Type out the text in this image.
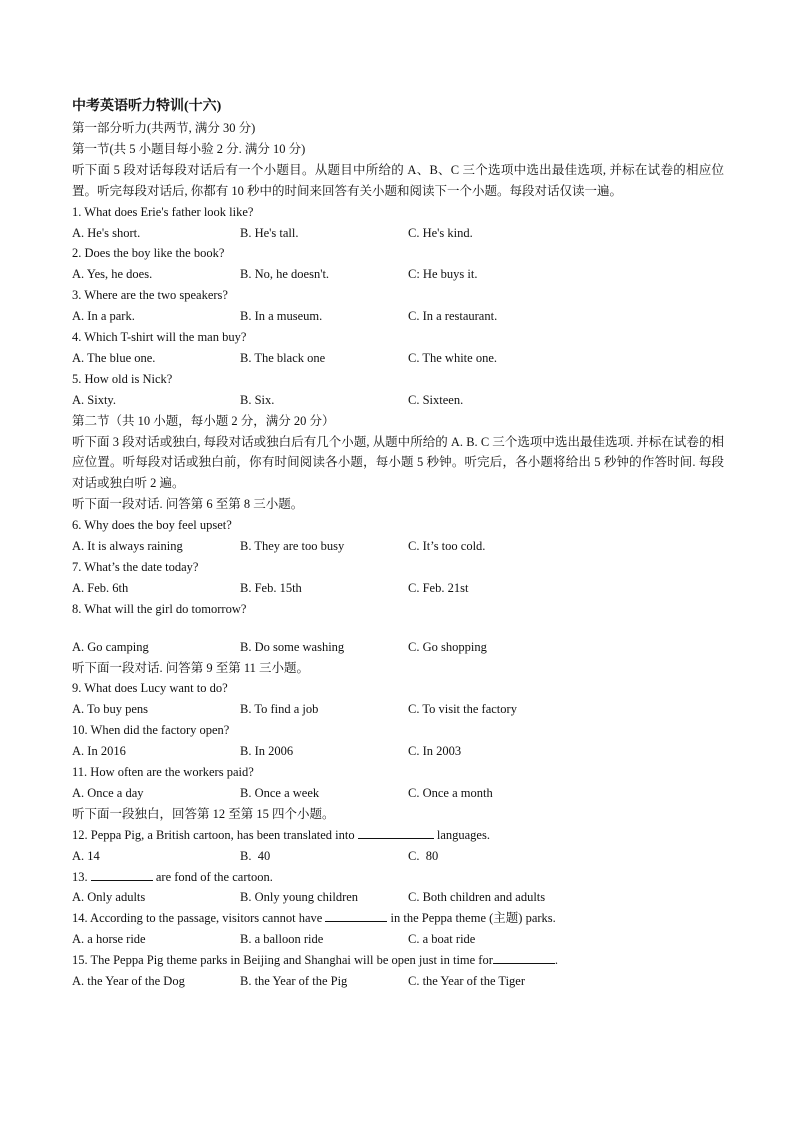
中考英语听力特训(十六)
第一部分听力(共两节, 满分 30 分)
第一节(共 5 小题目每小验 2 分. 满分 10 分)
听下面 5 段对话每段对话后有一个小题目。从题目中所给的 A、B、C 三个选项中选出最佳选项, 并标在试卷的相应位置。听完每段对话后, 你都有 10 秒中的时间来回答有关小题和阅读下一个小题。每段对话仅读一遍。
1. What does Erie's father look like?
A. He's short.	B. He's tall.	C. He's kind.
2. Does the boy like the book?
A. Yes, he does.	B. No, he doesn't.	C: He buys it.
3. Where are the two speakers?
A. In a park.	B. In a museum.	C. In a restaurant.
4. Which T-shirt will the man buy?
A. The blue one.	B. The black one	C. The white one.
5. How old is Nick?
A. Sixty.	B. Six.	C. Sixteen.
第二节（共 10 小题，每小题 2 分，满分 20 分）
听下面 3 段对话或独白, 每段对话或独白后有几个小题, 从题中所给的 A. B. C 三个选项中选出最佳选项. 并标在试卷的相应位置。听每段对话或独白前，你有时间阅读各小题，每小题 5 秒钟。听完后，各小题将给出 5 秒钟的作答时间. 每段对话或独白听 2 遍。
听下面一段对话. 问答第 6 至第 8 三小题。
6. Why does the boy feel upset?
A. It is always raining	B. They are too busy	C. It’s too cold.
7. What’s the date today?
A. Feb. 6th	B. Feb. 15th	C. Feb. 21st
8. What will the girl do tomorrow?
A. Go camping	B. Do some washing	C. Go shopping
听下面一段对话. 问答第 9 至第 11 三小题。
9. What does Lucy want to do?
A. To buy pens	B. To find a job	C. To visit the factory
10. When did the factory open?
A. In 2016	B. In 2006	C. In 2003
11. How often are the workers paid?
A. Once a day	B. Once a week	C. Once a month
听下面一段独白，回答第 12 至第 15 四个小题。
12. Peppa Pig, a British cartoon, has been translated into	languages.
A. 14	B.  40	C.  80
13.	are fond of the cartoon.
A. Only adults	B. Only young children	C. Both children and adults
14. According to the passage, visitors cannot have	in the Peppa theme (主题) parks.
A. a horse ride	B. a balloon ride	C. a boat ride
15. The Peppa Pig theme parks in Beijing and Shanghai will be open just in time for	.
A. the Year of the Dog	B. the Year of the Pig	C. the Year of the Tiger
